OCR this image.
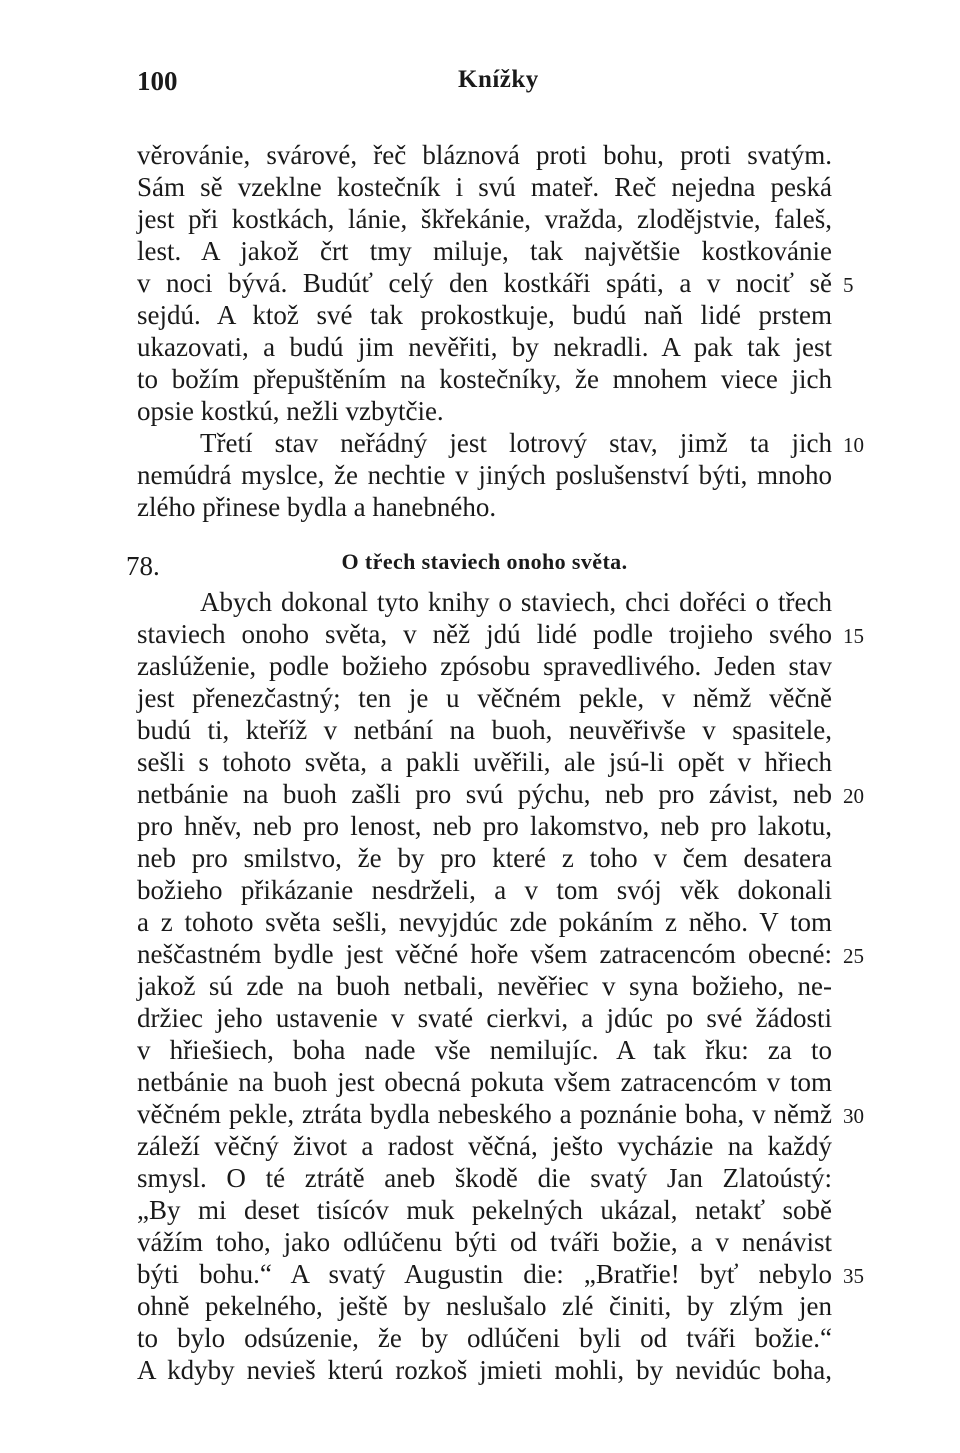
100	Knížky
věrovánie, svárové, řeč bláznová proti bohu, proti svatým.
Sám sě vzeklne kostečník i svú mateř. Reč nejedna peská
jest při kostkách, lánie, škřekánie, vražda, zlodějstvie, faleš,
lest. A jakož črt tmy miluje, tak najvětšie kostkovánie
v noci bývá. Budúť celý den kostkáři spáti, a v nociť sě
sejdú. A ktož své tak prokostkuje, budú naň lidé prstem
ukazovati, a budú jim nevěřiti, by nekradli. A pak tak jest
to božím přepuštěním na kostečníky, že mnohem viece jich
opsie kostkú, nežli vzbytčie.
Třetí stav neřádný jest lotrový stav, jimž ta jich
nemúdrá myslce, že nechtie v jiných poslušenství býti, mnoho
zlého přinese bydla a hanebného.
78.	O třech staviech onoho světa.
Abych dokonal tyto knihy o staviech, chci dořéci o třech
staviech onoho světa, v něž jdú lidé podle trojieho svého
zaslúženie, podle božieho zpósobu spravedlivého. Jeden stav
jest přenezčastný; ten je u věčném pekle, v němž věčně
budú ti, kteříž v netbání na buoh, neuvěřivše v spasitele,
sešli s tohoto světa, a pakli uvěřili, ale jsú-li opět v hřiech
netbánie na buoh zašli pro svú pýchu, neb pro závist, neb
pro hněv, neb pro lenost, neb pro lakomstvo, neb pro lakotu,
neb pro smilstvo, že by pro které z toho v čem desatera
božieho přikázanie nesdrželi, a v tom svój věk dokonali
a z tohoto světa sešli, nevyjdúc zde pokáním z něho. V tom
neščastném bydle jest věčné hoře všem zatracencóm obecné:
jakož sú zde na buoh netbali, nevěřiec v syna božieho, ne-
držiec jeho ustavenie v svaté cierkvi, a jdúc po své žádosti
v hřiešiech, boha nade vše nemilujíc. A tak řku: za to
netbánie na buoh jest obecná pokuta všem zatracencóm v tom
věčném pekle, ztráta bydla nebeského a poznánie boha, v němž
záleží věčný život a radost věčná, ješto vycházie na každý
smysl. O té ztrátě aneb škodě die svatý Jan Zlatoústý:
„By mi deset tisícóv muk pekelných ukázal, netakť sobě
vážím toho, jako odlúčenu býti od tváři božie, a v nenávist
býti bohu.“ A svatý Augustin die: „Bratřie! byť nebylo
ohně pekelného, ještě by neslušalo zlé činiti, by zlým jen
to bylo odsúzenie, že by odlúčeni byli od tváři božie.“
A kdyby nevieš kterú rozkoš jmieti mohli, by nevidúc boha,
5
10
15
20
25
30
35
